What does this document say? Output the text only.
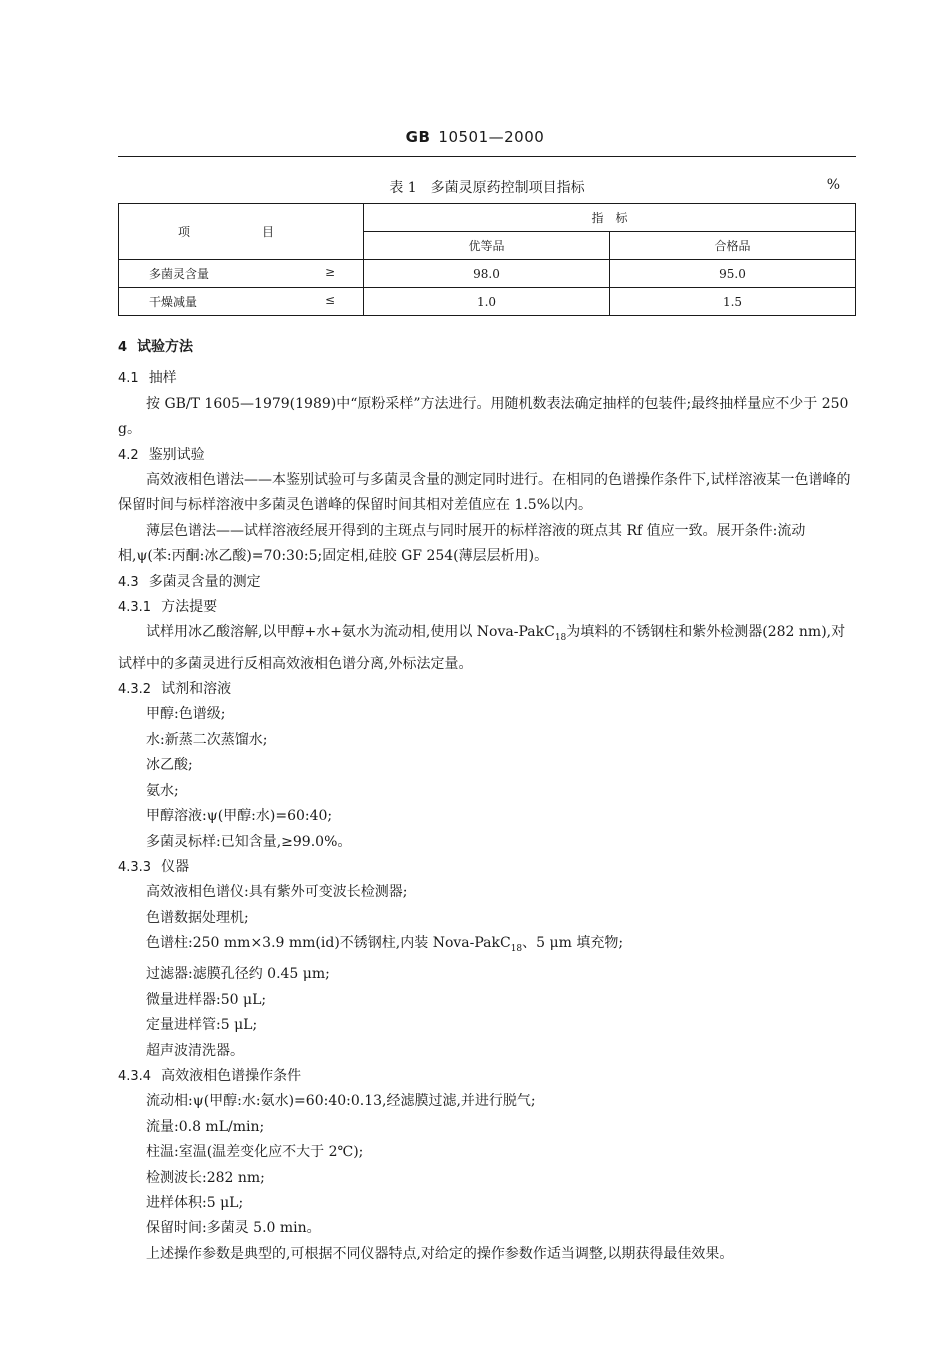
GB 10501—2000
表 1　多菌灵原药控制项目指标	%
项　目	指　标	
	优等品	合格品
多菌灵含量 ≥	98.0	95.0
干燥减量 ≤	1.0	1.5

4 试验方法

4.1 抽样

按 GB/T 1605—1979(1989)中“原粉采样”方法进行。用随机数表法确定抽样的包装件;最终抽样量应不少于 250 g。

4.2 鉴别试验

高效液相色谱法——本鉴别试验可与多菌灵含量的测定同时进行。在相同的色谱操作条件下,试样溶液某一色谱峰的保留时间与标样溶液中多菌灵色谱峰的保留时间其相对差值应在 1.5%以内。

薄层色谱法——试样溶液经展开得到的主斑点与同时展开的标样溶液的斑点其 Rf 值应一致。展开条件:流动相,ψ(苯:丙酮:冰乙酸)=70:30:5;固定相,硅胶 GF 254(薄层层析用)。

4.3 多菌灵含量的测定

4.3.1 方法提要

试样用冰乙酸溶解,以甲醇+水+氨水为流动相,使用以 Nova-PakC$_{18}$为填料的不锈钢柱和紫外检测器(282 nm),对试样中的多菌灵进行反相高效液相色谱分离,外标法定量。

4.3.2 试剂和溶液

甲醇:色谱级;

水:新蒸二次蒸馏水;

冰乙酸;

氨水;

甲醇溶液:ψ(甲醇:水)=60:40;

多菌灵标样:已知含量,≥99.0%。

4.3.3 仪器

高效液相色谱仪:具有紫外可变波长检测器;

色谱数据处理机;

色谱柱:250 mm×3.9 mm(id)不锈钢柱,内装 Nova-PakC$_{18}$、5 μm 填充物;

过滤器:滤膜孔径约 0.45 μm;

微量进样器:50 μL;

定量进样管:5 μL;

超声波清洗器。

4.3.4 高效液相色谱操作条件

流动相:ψ(甲醇:水:氨水)=60:40:0.13,经滤膜过滤,并进行脱气;

流量:0.8 mL/min;

柱温:室温(温差变化应不大于 2℃);

检测波长:282 nm;

进样体积:5 μL;

保留时间:多菌灵 5.0 min。

上述操作参数是典型的,可根据不同仪器特点,对给定的操作参数作适当调整,以期获得最佳效果。
